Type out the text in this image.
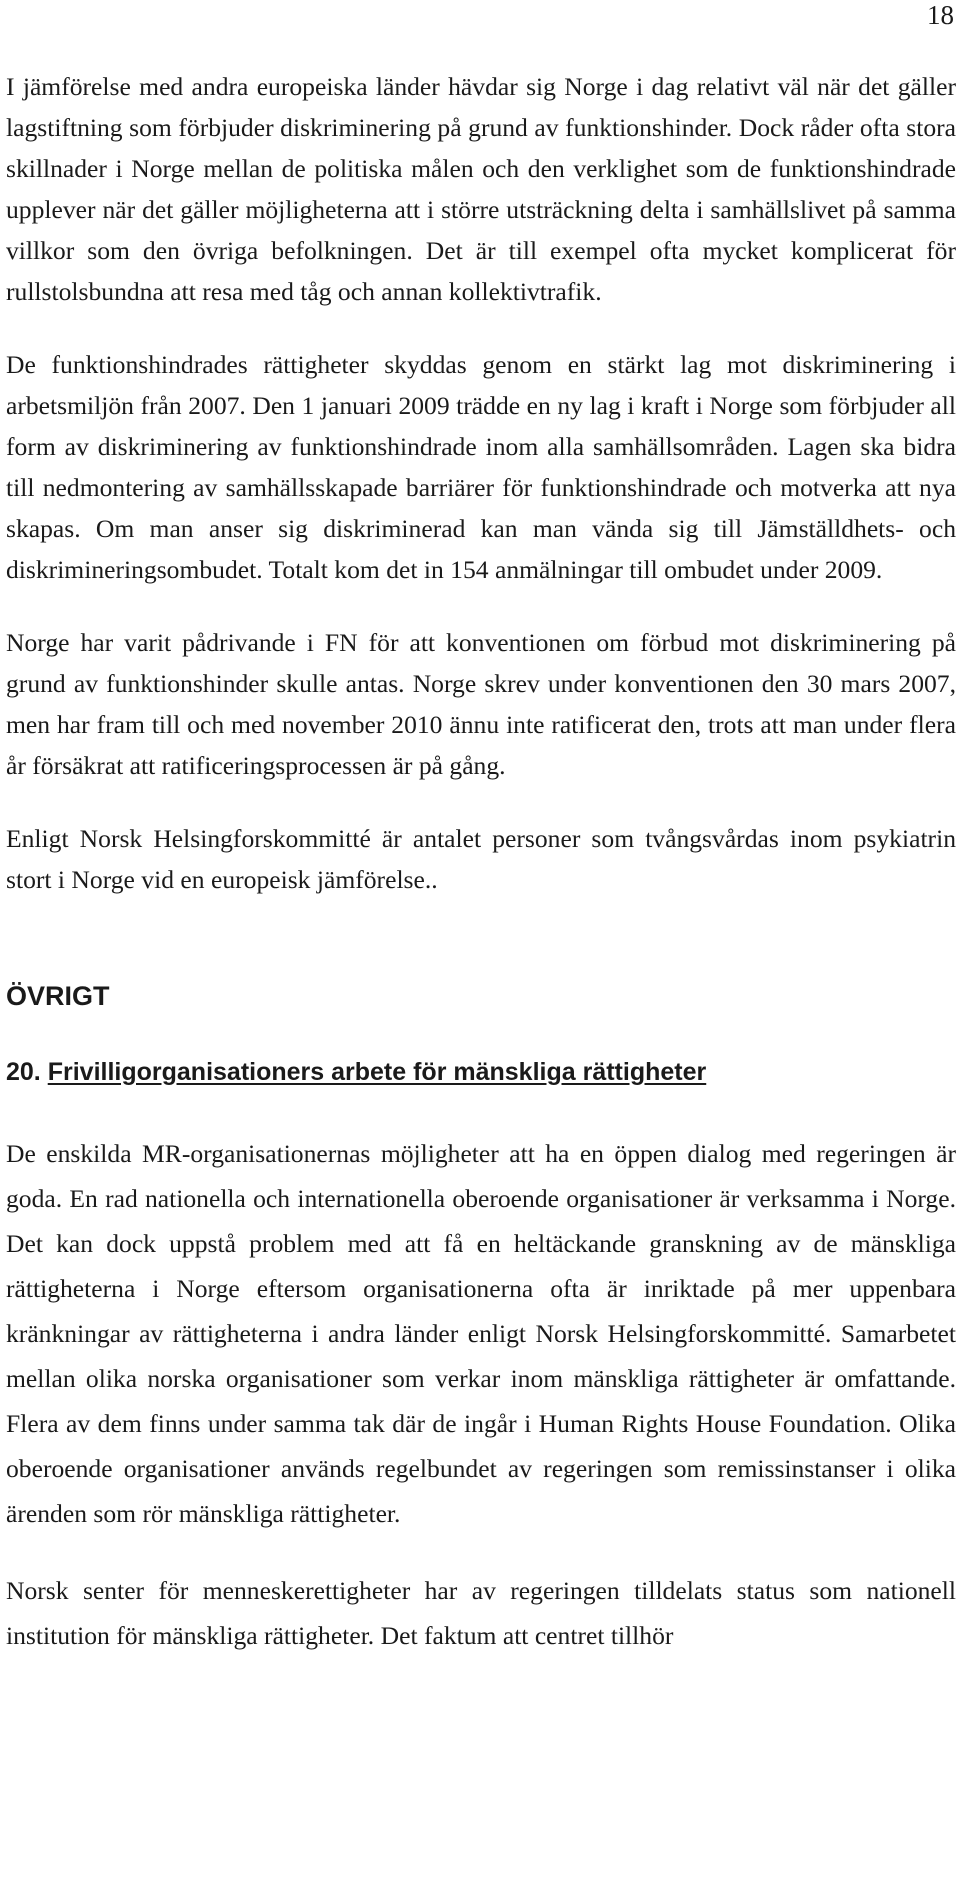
18

I jämförelse med andra europeiska länder hävdar sig Norge i dag relativt väl när det gäller lagstiftning som förbjuder diskriminering på grund av funktionshinder. Dock råder ofta stora skillnader i Norge mellan de politiska målen och den verklighet som de funktionshindrade upplever när det gäller möjligheterna att i större utsträckning delta i samhällslivet på samma villkor som den övriga befolkningen. Det är till exempel ofta mycket komplicerat för rullstolsbundna att resa med tåg och annan kollektivtrafik.

De funktionshindrades rättigheter skyddas genom en stärkt lag mot diskriminering i arbetsmiljön från 2007. Den 1 januari 2009 trädde en ny lag i kraft i Norge som förbjuder all form av diskriminering av funktionshindrade inom alla samhällsområden. Lagen ska bidra till nedmontering av samhällsskapade barriärer för funktionshindrade och motverka att nya skapas. Om man anser sig diskriminerad kan man vända sig till Jämställdhets- och diskrimineringsombudet. Totalt kom det in 154 anmälningar till ombudet under 2009.

Norge har varit pådrivande i FN för att konventionen om förbud mot diskriminering på grund av funktionshinder skulle antas. Norge skrev under konventionen den 30 mars 2007, men har fram till och med november 2010 ännu inte ratificerat den, trots att man under flera år försäkrat att ratificeringsprocessen är på gång.

Enligt Norsk Helsingforskommitté är antalet personer som tvångsvårdas inom psykiatrin stort i Norge vid en europeisk jämförelse..

ÖVRIGT
20. Frivilligorganisationers arbete för mänskliga rättigheter

De enskilda MR-organisationernas möjligheter att ha en öppen dialog med regeringen är goda. En rad nationella och internationella oberoende organisationer är verksamma i Norge. Det kan dock uppstå problem med att få en heltäckande granskning av de mänskliga rättigheterna i Norge eftersom organisationerna ofta är inriktade på mer uppenbara kränkningar av rättigheterna i andra länder enligt Norsk Helsingforskommitté. Samarbetet mellan olika norska organisationer som verkar inom mänskliga rättigheter är omfattande. Flera av dem finns under samma tak där de ingår i Human Rights House Foundation. Olika oberoende organisationer används regelbundet av regeringen som remissinstanser i olika ärenden som rör mänskliga rättigheter.

Norsk senter för menneskerettigheter har av regeringen tilldelats status som nationell institution för mänskliga rättigheter. Det faktum att centret tillhör
